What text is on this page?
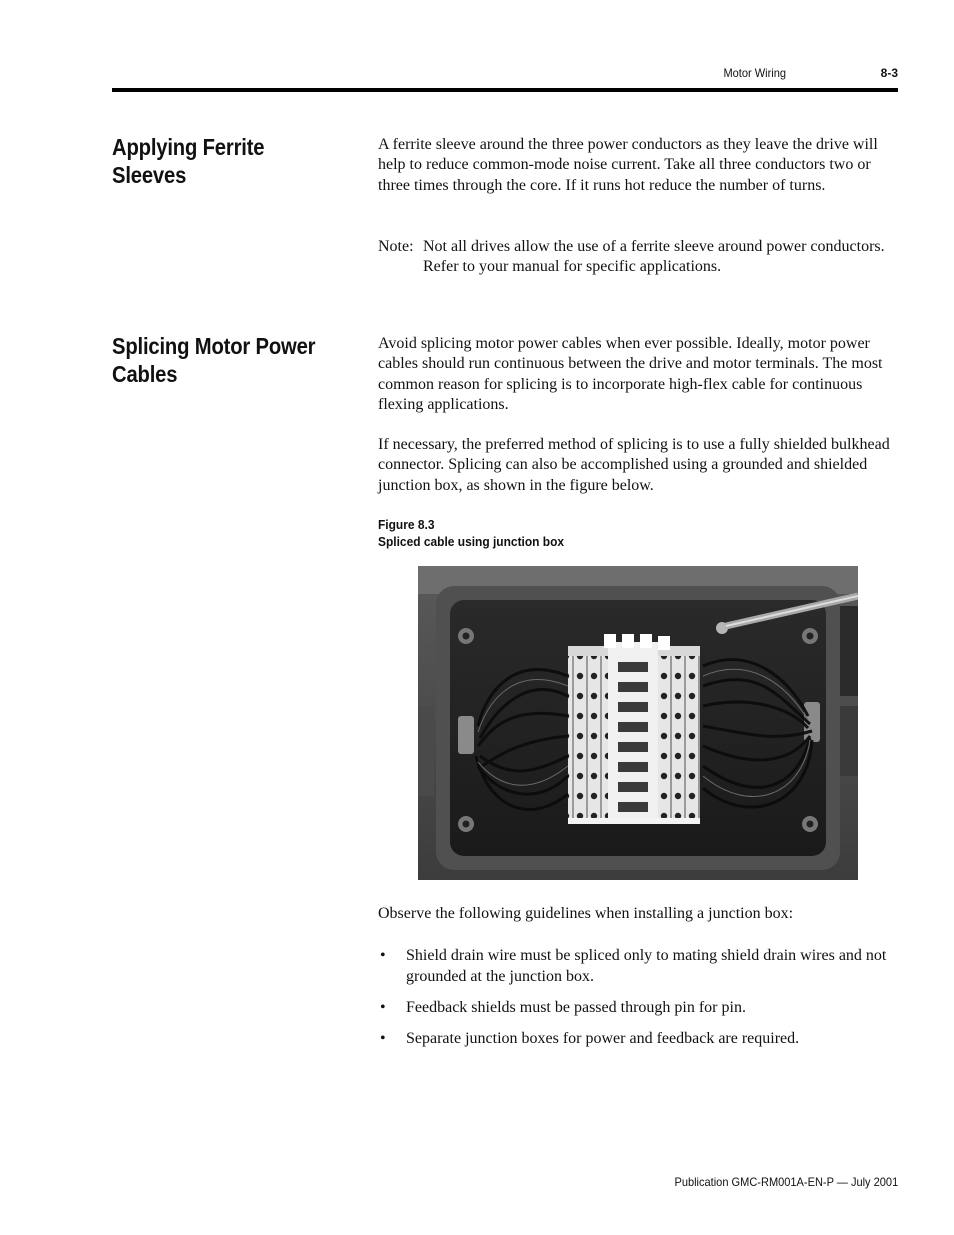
Motor Wiring	8-3
Applying Ferrite Sleeves

A ferrite sleeve around the three power conductors as they leave the drive will help to reduce common-mode noise current. Take all three conductors two or three times through the core. If it runs hot reduce the number of turns.

Note: Not all drives allow the use of a ferrite sleeve around power conductors. Refer to your manual for specific applications.
Splicing Motor Power Cables

Avoid splicing motor power cables when ever possible. Ideally, motor power cables should run continuous between the drive and motor terminals. The most common reason for splicing is to incorporate high-flex cable for continuous flexing applications.

If necessary, the preferred method of splicing is to use a fully shielded bulkhead connector. Splicing can also be accomplished using a grounded and shielded junction box, as shown in the figure below.

Figure 8.3
Spliced cable using junction box
Observe the following guidelines when installing a junction box:
• Shield drain wire must be spliced only to mating shield drain wires and not grounded at the junction box.
• Feedback shields must be passed through pin for pin.
• Separate junction boxes for power and feedback are required.
Publication GMC-RM001A-EN-P — July 2001
